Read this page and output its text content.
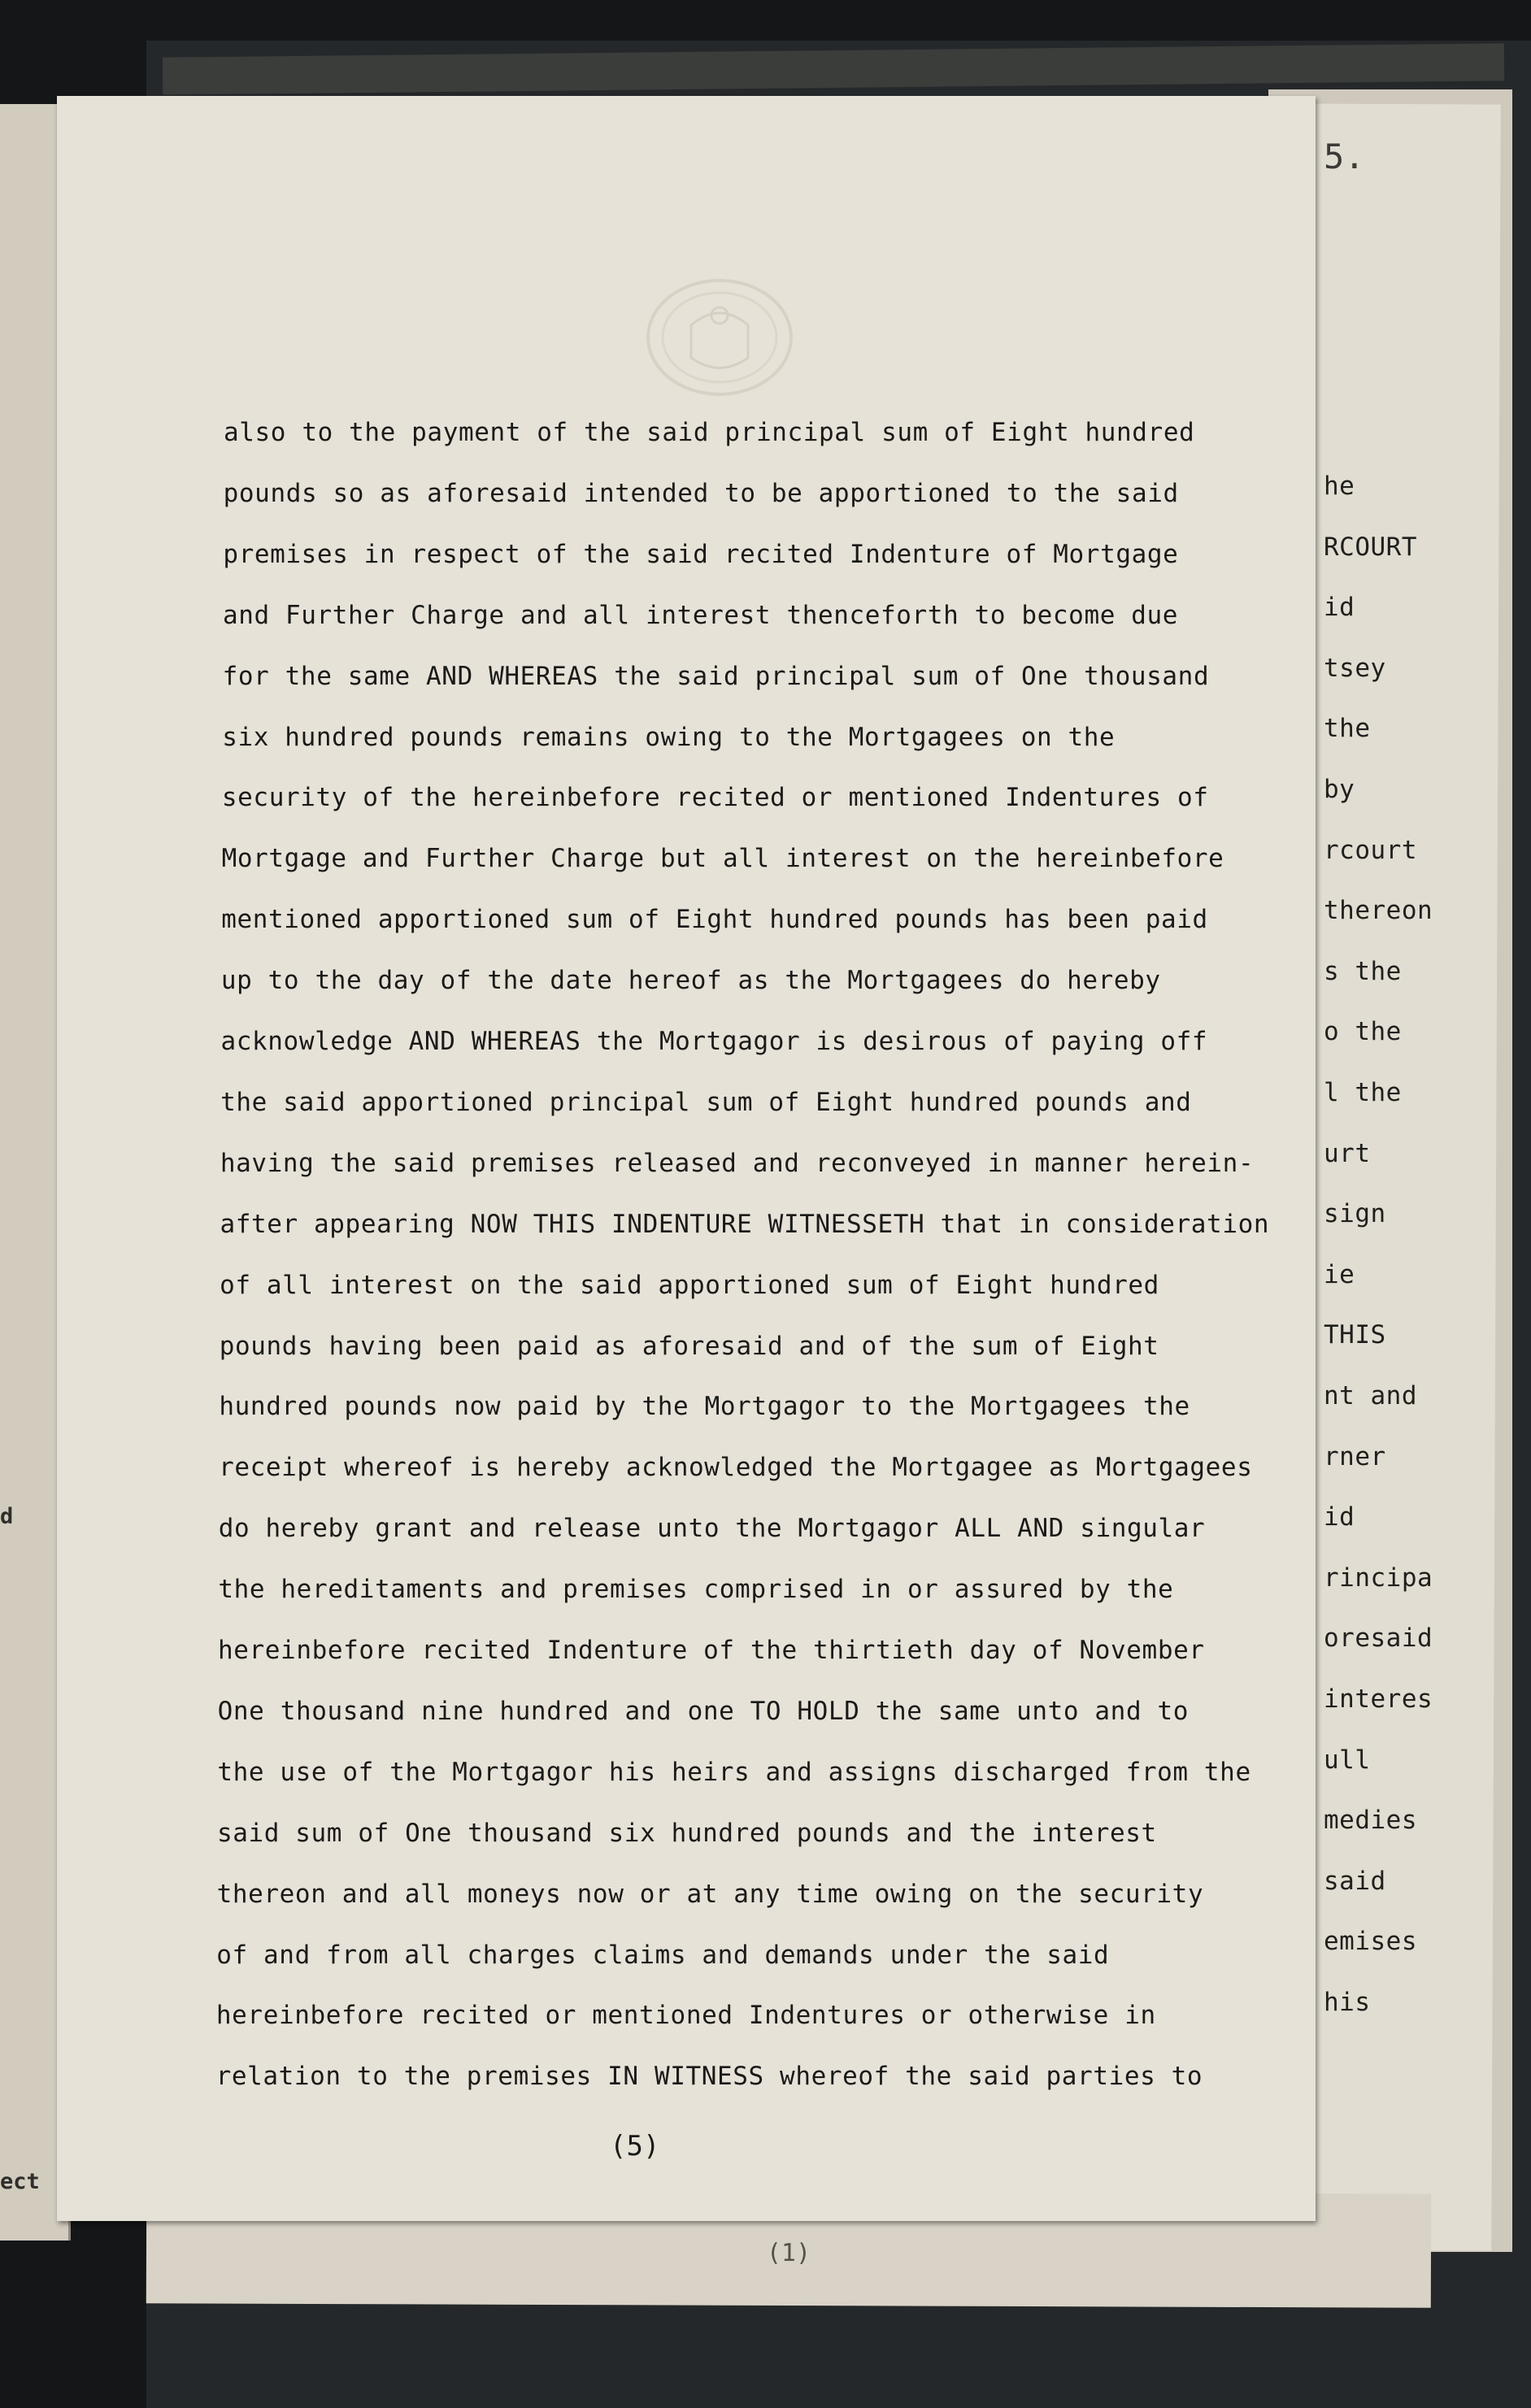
d
ect
(1)
5.
he
RCOURT
id
tsey
the
by
rcourt
thereon
s the
o the
l the
urt
sign
ie
THIS
nt and
rner
id
rincipa
oresaid
interes
ull
medies
said
emises
his
also to the payment of the said principal sum of Eight hundred
pounds so as aforesaid intended to be apportioned to the said
premises in respect of the said recited Indenture of Mortgage
and Further Charge and all interest thenceforth to become due
for the same AND WHEREAS the said principal sum of One thousand
six hundred pounds remains owing to the Mortgagees on the
security of the hereinbefore recited or mentioned Indentures of
Mortgage and Further Charge but all interest on the hereinbefore
mentioned apportioned sum of Eight hundred pounds has been paid
up to the day of the date hereof as the Mortgagees do hereby
acknowledge AND WHEREAS the Mortgagor is desirous of paying off
the said apportioned principal sum of Eight hundred pounds and
having the said premises released and reconveyed in manner herein-
after appearing NOW THIS INDENTURE WITNESSETH that in consideration
of all interest on the said apportioned sum of Eight hundred
pounds having been paid as aforesaid and of the sum of Eight
hundred pounds now paid by the Mortgagor to the Mortgagees the
receipt whereof is hereby acknowledged the Mortgagee as Mortgagees
do hereby grant and release unto the Mortgagor ALL AND singular
the hereditaments and premises comprised in or assured by the
hereinbefore recited Indenture of the thirtieth day of November
One thousand nine hundred and one TO HOLD the same unto and to
the use of the Mortgagor his heirs and assigns discharged from the
said sum of One thousand six hundred pounds and the interest
thereon and all moneys now or at any time owing on the security
of and from all charges claims and demands under the said
hereinbefore recited or mentioned Indentures or otherwise in
relation to the premises IN WITNESS whereof the said parties to
(5)
